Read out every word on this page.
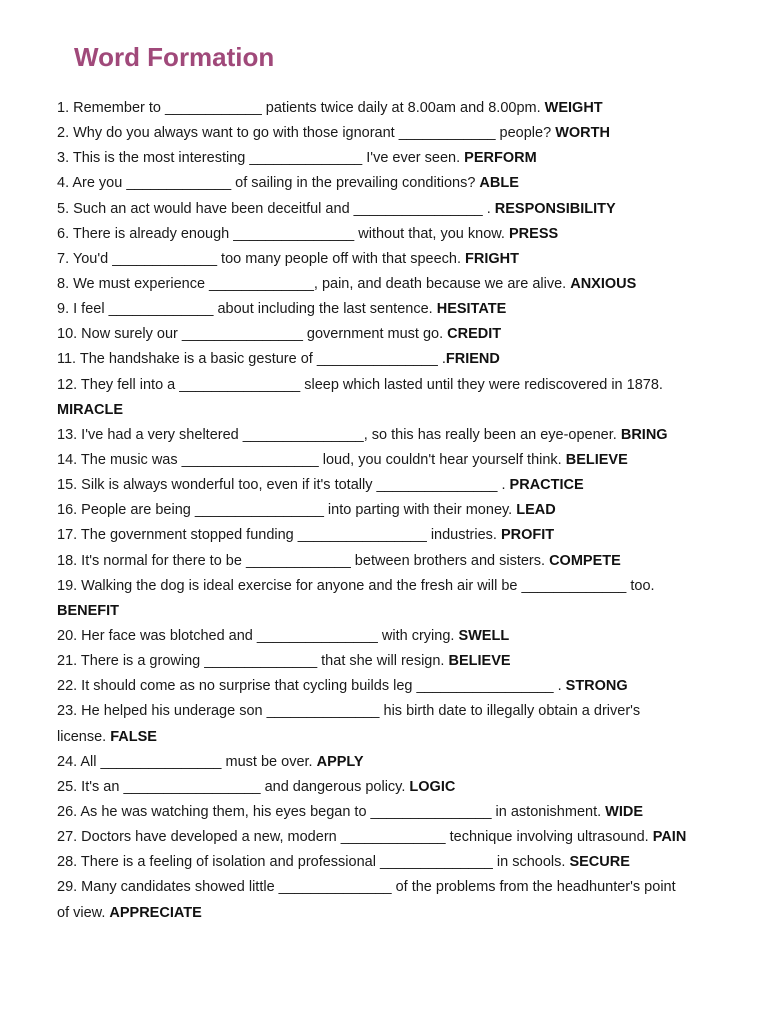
Word Formation
1. Remember to ____________ patients twice daily at 8.00am and 8.00pm. WEIGHT
2. Why do you always want to go with those ignorant ____________ people? WORTH
3. This is the most interesting ______________ I've ever seen. PERFORM
4. Are you _____________ of sailing in the prevailing conditions? ABLE
5. Such an act would have been deceitful and ________________ . RESPONSIBILITY
6. There is already enough _______________ without that, you know. PRESS
7. You'd _____________ too many people off with that speech. FRIGHT
8. We must experience _____________, pain, and death because we are alive. ANXIOUS
9. I feel _____________ about including the last sentence. HESITATE
10. Now surely our _______________ government must go. CREDIT
11. The handshake is a basic gesture of _______________ .FRIEND
12. They fell into a _______________ sleep which lasted until they were rediscovered in 1878.
MIRACLE
13. I've had a very sheltered _______________, so this has really been an eye-opener. BRING
14. The music was _________________ loud, you couldn't hear yourself think. BELIEVE
15. Silk is always wonderful too, even if it's totally _______________ . PRACTICE
16. People are being ________________ into parting with their money. LEAD
17. The government stopped funding ________________ industries. PROFIT
18. It's normal for there to be _____________ between brothers and sisters. COMPETE
19. Walking the dog is ideal exercise for anyone and the fresh air will be _____________ too.
BENEFIT
20. Her face was blotched and _______________ with crying. SWELL
21. There is a growing ______________ that she will resign. BELIEVE
22. It should come as no surprise that cycling builds leg _________________ . STRONG
23. He helped his underage son ______________ his birth date to illegally obtain a driver's
license. FALSE
24. All _______________ must be over. APPLY
25. It's an _________________ and dangerous policy. LOGIC
26. As he was watching them, his eyes began to _______________ in astonishment. WIDE
27. Doctors have developed a new, modern _____________ technique involving ultrasound. PAIN
28. There is a feeling of isolation and professional ______________ in schools. SECURE
29. Many candidates showed little ______________ of the problems from the headhunter's point
of view. APPRECIATE
